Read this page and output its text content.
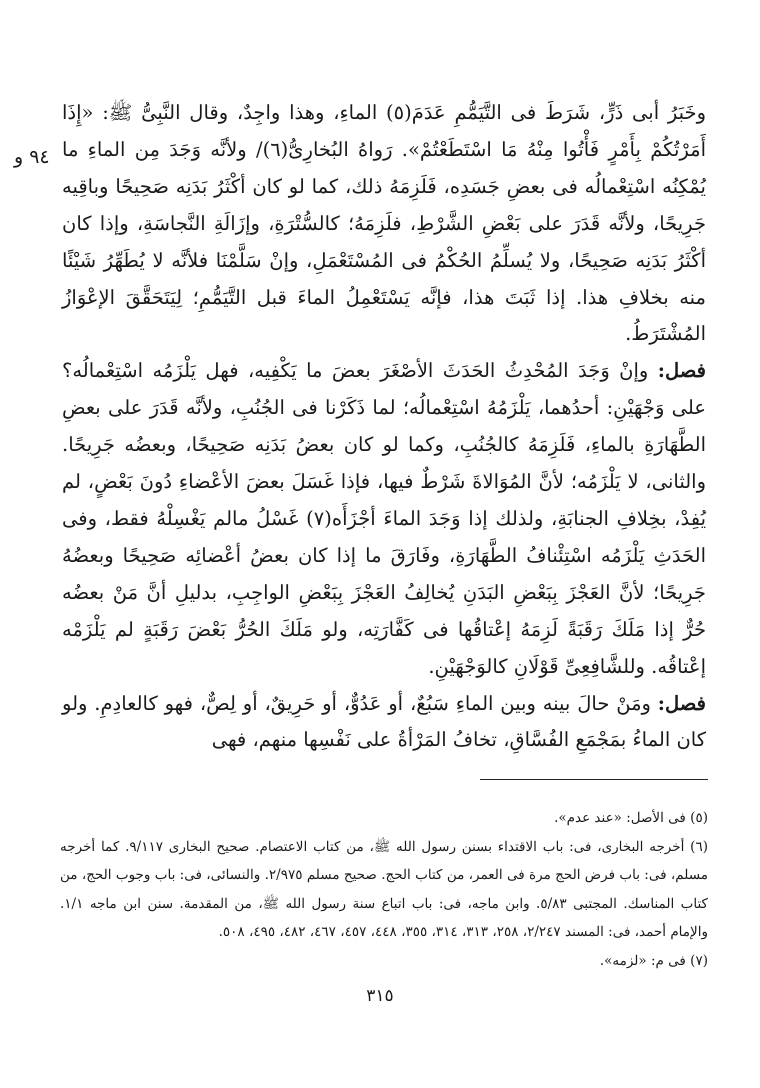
٩٤ و

وخَبَرُ أبى ذَرٍّ، شَرَطَ فى التَّيَمُّمِ عَدَمَ(٥) الماءِ، وهذا واجِدٌ، وقال النَّبِىُّ ﷺ: «إِذَا أَمَرْتُكُمْ بِأَمْرٍ فَأْتُوا مِنْهُ مَا اسْتَطَعْتُمْ». رَواهُ البُخارِىُّ(٦)/ ولأنَّه وَجَدَ مِن الماءِ ما يُمْكِنُه اسْتِعْمالُه فى بعضِ جَسَدِه، فَلَزِمَهُ ذلك، كما لو كان أكْثَرُ بَدَنِه صَحِيحًا وباقِيه جَرِيحًا، ولأنَّه قَدَرَ على بَعْضِ الشَّرْطِ، فلَزِمَهُ؛ كالسُّتْرَةِ، وإزَالَةِ النَّجاسَةِ، وإذا كان أكْثَرُ بَدَنِه صَحِيحًا، ولا يُسلِّمُ الحُكْمُ فى المُسْتَعْمَلِ، وإنْ سَلَّمْنَا فلأنَّه لا يُطَهِّرُ شَيْئًا منه بخلافِ هذا. إذا ثَبَتَ هذا، فإنَّه يَسْتَعْمِلُ الماءَ قبل التَّيَمُّمِ؛ لِيَتَحَقَّقَ الإعْوَازُ المُشْتَرَطُ.

فصل: وإنْ وَجَدَ المُحْدِثُ الحَدَثَ الأصْغَرَ بعضَ ما يَكْفِيه، فهل يَلْزَمُه اسْتِعْمالُه؟ على وَجْهَيْنِ: أحدُهما، يَلْزَمُهُ اسْتِعْمالُه؛ لما ذَكَرْنا فى الجُنُبِ، ولأنَّه قَدَرَ على بعضِ الطَّهَارَةِ بالماءِ، فَلَزِمَهُ كالجُنُبِ، وكما لو كان بعضُ بَدَنِه صَحِيحًا، وبعضُه جَرِيحًا. والثانى، لا يَلْزَمُه؛ لأنَّ المُوَالاةَ شَرْطٌ فيها، فإذا غَسَلَ بعضَ الأعْضاءِ دُونَ بَعْضٍ، لم يُفِدْ، بخِلافِ الجنابَةِ، ولذلك إذا وَجَدَ الماءَ أجْزَأَه(٧) غَسْلُ مالم يَغْسِلْهُ فقط، وفى الحَدَثِ يَلْزَمُه اسْتِئْنافُ الطَّهَارَةِ، وفَارَقَ ما إذا كان بعضُ أعْضائِه صَحِيحًا وبعضُهُ جَرِيحًا؛ لأنَّ العَجْزَ بِبَعْضِ البَدَنِ يُخالِفُ العَجْزَ بِبَعْضِ الواجِبِ، بدليلِ أنَّ مَنْ بعضُه حُرٌّ إذا مَلَكَ رَقَبَةً لَزِمَهُ إعْتاقُها فى كَفَّارَتِه، ولو مَلَكَ الحُرُّ بَعْضَ رَقَبَةٍ لم يَلْزَمْه إعْتاقُه. وللشَّافِعِىِّ قَوْلَانِ كالوَجْهَيْنِ.

فصل: ومَنْ حالَ بينه وبين الماءِ سَبُعٌ، أو عَدُوٌّ، أو حَرِيقٌ، أو لِصٌّ، فهو كالعادِمِ. ولو كان الماءُ بمَجْمَعِ الفُسَّاقِ، تخافُ المَرْأةُ على نَفْسِها منهم، فهى

(٥) فى الأصل: «عند عدم».

(٦) أخرجه البخارى، فى: باب الاقتداء بسنن رسول الله ﷺ، من كتاب الاعتصام. صحيح البخارى ٩/١١٧. كما أخرجه مسلم، فى: باب فرض الحج مرة فى العمر، من كتاب الحج. صحيح مسلم ٢/٩٧٥. والنسائى، فى: باب وجوب الحج، من كتاب المناسك. المجتبى ٥/٨٣. وابن ماجه، فى: باب اتباع سنة رسول الله ﷺ، من المقدمة. سنن ابن ماجه ١/١. والإمام أحمد، فى: المسند ٢/٢٤٧، ٢٥٨، ٣١٣، ٣١٤، ٣٥٥، ٤٤٨، ٤٥٧، ٤٦٧، ٤٨٢، ٤٩٥، ٥٠٨.

(٧) فى م: «لزمه».

٣١٥
